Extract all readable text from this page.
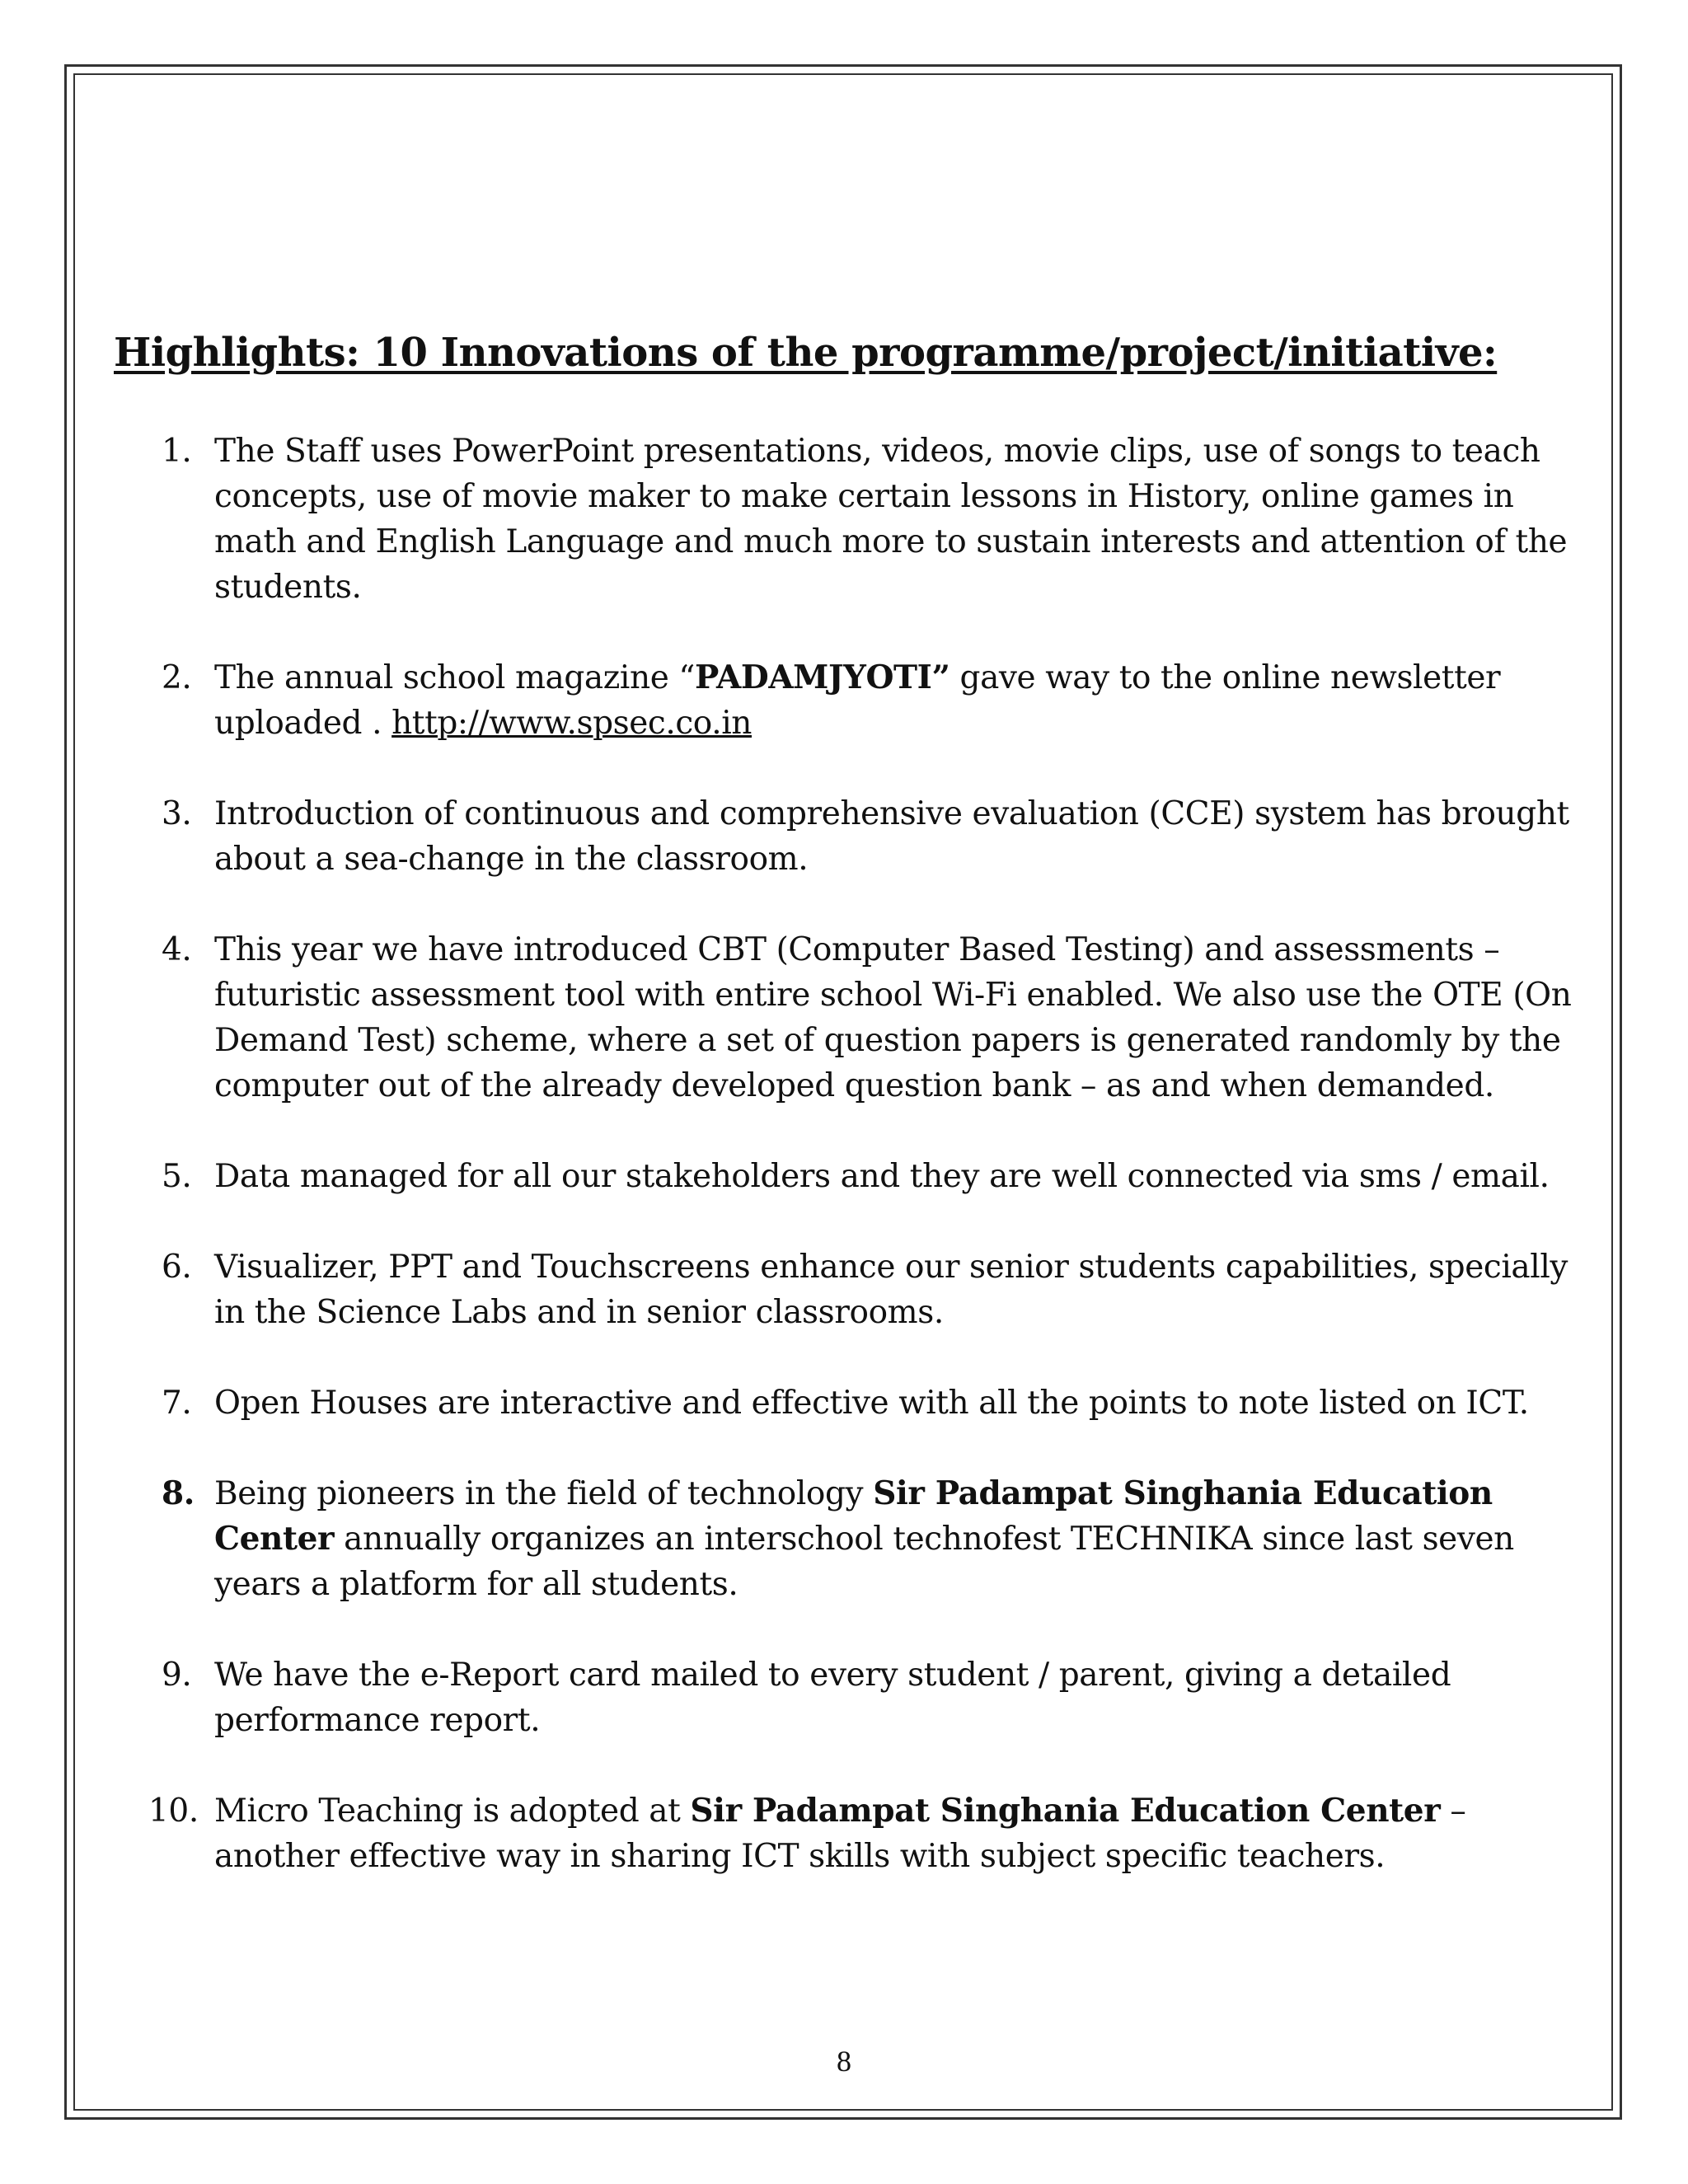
Highlights: 10 Innovations of the programme/project/initiative:
1. The Staff uses PowerPoint presentations, videos, movie clips, use of songs to teach concepts, use of movie maker to make certain lessons in History, online games in math and English Language and much more to sustain interests and attention of the students.
2. The annual school magazine “PADAMJYOTI” gave way to the online newsletter uploaded . http://www.spsec.co.in
3. Introduction of continuous and comprehensive evaluation (CCE) system has brought about a sea-change in the classroom.
4. This year we have introduced CBT (Computer Based Testing) and assessments – futuristic assessment tool with entire school Wi-Fi enabled. We also use the OTE (On Demand Test) scheme, where a set of question papers is generated randomly by the computer out of the already developed question bank – as and when demanded.
5. Data managed for all our stakeholders and they are well connected via sms / email.
6. Visualizer, PPT and Touchscreens enhance our senior students capabilities, specially in the Science Labs and in senior classrooms.
7. Open Houses are interactive and effective with all the points to note listed on ICT.
8. Being pioneers in the field of technology Sir Padampat Singhania Education Center annually organizes an interschool technofest TECHNIKA since last seven years a platform for all students.
9. We have the e-Report card mailed to every student / parent, giving a detailed performance report.
10. Micro Teaching is adopted at Sir Padampat Singhania Education Center – another effective way in sharing ICT skills with subject specific teachers.
8
